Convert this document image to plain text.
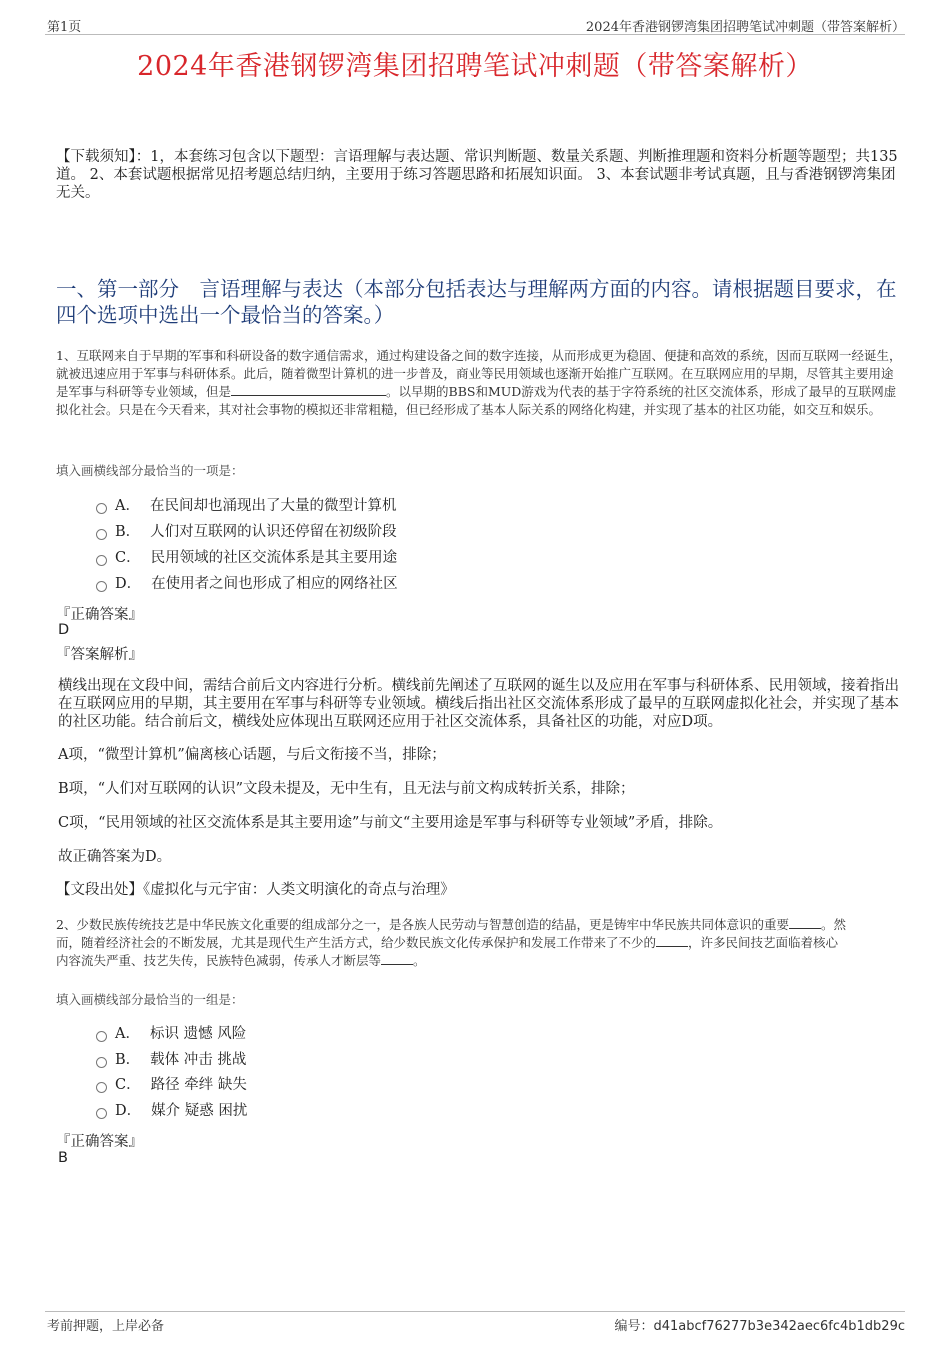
第1页	2024年香港钢锣湾集团招聘笔试冲刺题（带答案解析）
2024年香港钢锣湾集团招聘笔试冲刺题（带答案解析）
【下载须知】：1，本套练习包含以下题型：言语理解与表达题、常识判断题、数量关系题、判断推理题和资料分析题等题型；共135道。 2、本套试题根据常见招考题总结归纳，主要用于练习答题思路和拓展知识面。 3、本套试题非考试真题，且与香港钢锣湾集团无关。
一、第一部分　言语理解与表达（本部分包括表达与理解两方面的内容。请根据题目要求，在四个选项中选出一个最恰当的答案。）
1、互联网来自于早期的军事和科研设备的数字通信需求，通过构建设备之间的数字连接，从而形成更为稳固、便捷和高效的系统，因而互联网一经诞生，就被迅速应用于军事与科研体系。此后，随着微型计算机的进一步普及，商业等民用领域也逐渐开始推广互联网。在互联网应用的早期，尽管其主要用途是军事与科研等专业领域，但是	。以早期的BBS和MUD游戏为代表的基于字符系统的社区交流体系，形成了最早的互联网虚拟化社会。只是在今天看来，其对社会事物的模拟还非常粗糙，但已经形成了基本人际关系的网络化构建，并实现了基本的社区功能，如交互和娱乐。
填入画横线部分最恰当的一项是：
A． 在民间却也涌现出了大量的微型计算机
B． 人们对互联网的认识还停留在初级阶段
C． 民用领域的社区交流体系是其主要用途
D． 在使用者之间也形成了相应的网络社区
『正确答案』
D
『答案解析』
横线出现在文段中间，需结合前后文内容进行分析。横线前先阐述了互联网的诞生以及应用在军事与科研体系、民用领域，接着指出在互联网应用的早期，其主要用在军事与科研等专业领域。横线后指出社区交流体系形成了最早的互联网虚拟化社会，并实现了基本的社区功能。结合前后文，横线处应体现出互联网还应用于社区交流体系，具备社区的功能，对应D项。
A项，“微型计算机”偏离核心话题，与后文衔接不当，排除；
B项，“人们对互联网的认识”文段未提及，无中生有，且无法与前文构成转折关系，排除；
C项，“民用领域的社区交流体系是其主要用途”与前文“主要用途是军事与科研等专业领域”矛盾，排除。
故正确答案为D。
【文段出处】《虚拟化与元宇宙：人类文明演化的奇点与治理》
2、少数民族传统技艺是中华民族文化重要的组成部分之一，是各族人民劳动与智慧创造的结晶，更是铸牢中华民族共同体意识的重要	。然
而，随着经济社会的不断发展，尤其是现代生产生活方式，给少数民族文化传承保护和发展工作带来了不少的	，许多民间技艺面临着核心
内容流失严重、技艺失传，民族特色减弱，传承人才断层等	。
填入画横线部分最恰当的一组是：
A． 标识 遗憾 风险
B． 载体 冲击 挑战
C． 路径 牵绊 缺失
D． 媒介 疑惑 困扰
『正确答案』
B
考前押题，上岸必备	编号：d41abcf76277b3e342aec6fc4b1db29c
